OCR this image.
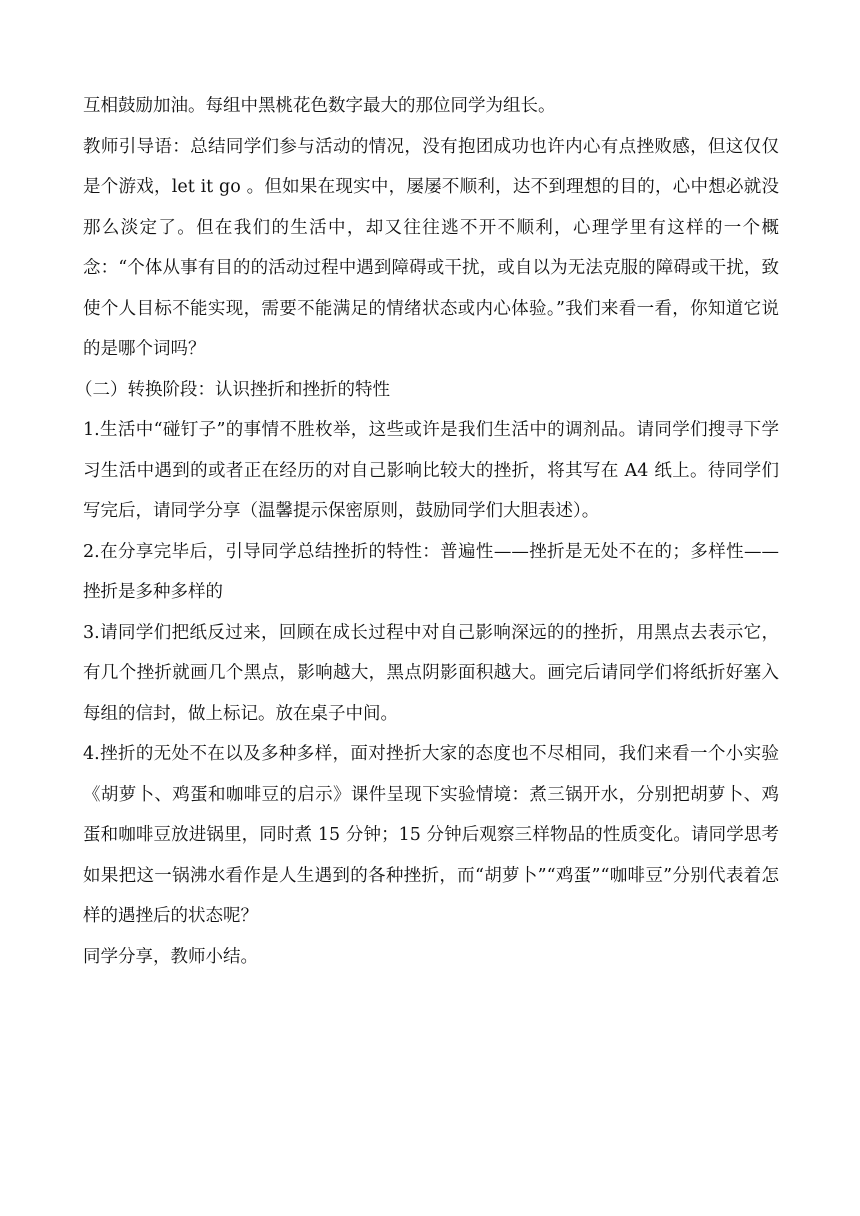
互相鼓励加油。每组中黑桃花色数字最大的那位同学为组长。

教师引导语：总结同学们参与活动的情况，没有抱团成功也许内心有点挫败感，但这仅仅是个游戏，let it go 。但如果在现实中，屡屡不顺利，达不到理想的目的，心中想必就没那么淡定了。但在我们的生活中，却又往往逃不开不顺利，心理学里有这样的一个概念：“个体从事有目的的活动过程中遇到障碍或干扰，或自以为无法克服的障碍或干扰，致使个人目标不能实现，需要不能满足的情绪状态或内心体验。”我们来看一看，你知道它说的是哪个词吗？

（二）转换阶段：认识挫折和挫折的特性

1.生活中“碰钉子”的事情不胜枚举，这些或许是我们生活中的调剂品。请同学们搜寻下学习生活中遇到的或者正在经历的对自己影响比较大的挫折，将其写在 A4 纸上。待同学们写完后，请同学分享（温馨提示保密原则，鼓励同学们大胆表述）。

2.在分享完毕后，引导同学总结挫折的特性：普遍性——挫折是无处不在的；多样性——挫折是多种多样的

3.请同学们把纸反过来，回顾在成长过程中对自己影响深远的的挫折，用黑点去表示它，有几个挫折就画几个黑点，影响越大，黑点阴影面积越大。画完后请同学们将纸折好塞入每组的信封，做上标记。放在桌子中间。

4.挫折的无处不在以及多种多样，面对挫折大家的态度也不尽相同，我们来看一个小实验《胡萝卜、鸡蛋和咖啡豆的启示》课件呈现下实验情境：煮三锅开水，分别把胡萝卜、鸡蛋和咖啡豆放进锅里，同时煮 15 分钟；15 分钟后观察三样物品的性质变化。请同学思考如果把这一锅沸水看作是人生遇到的各种挫折，而“胡萝卜”“鸡蛋”“咖啡豆”分别代表着怎样的遇挫后的状态呢？

同学分享，教师小结。
